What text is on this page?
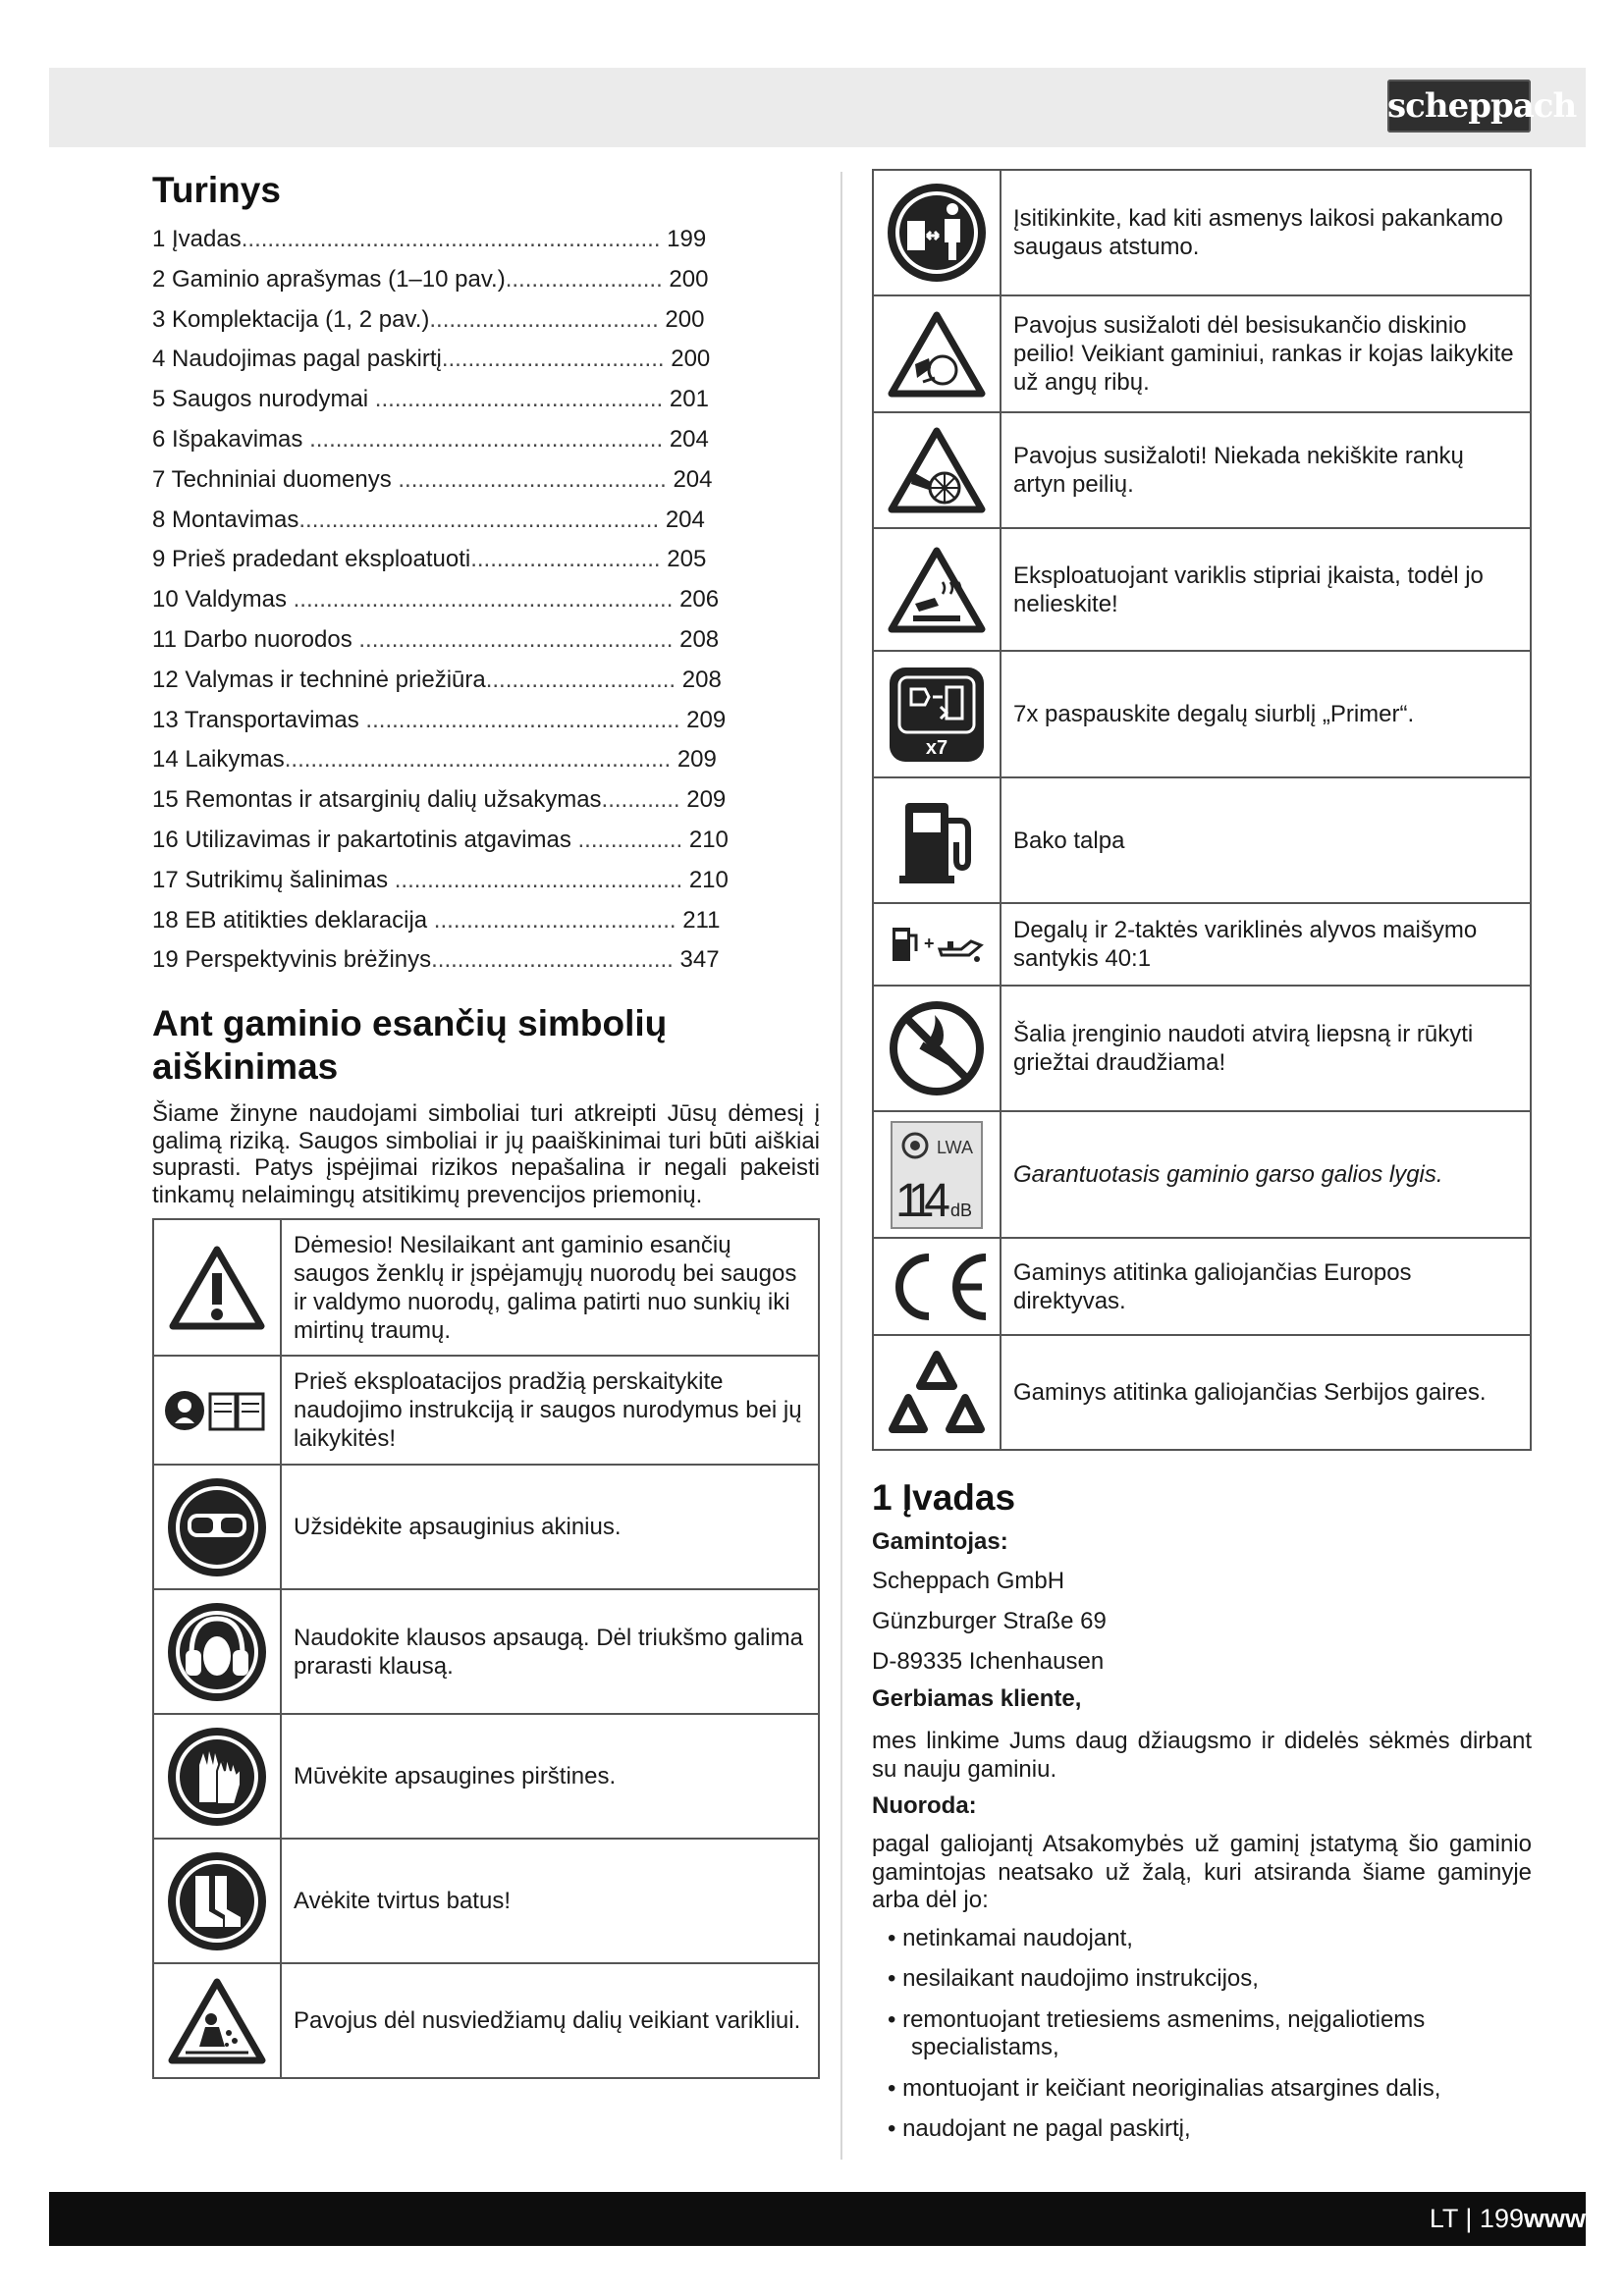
scheppach
Turinys
1 Įvadas................................................................ 199
2 Gaminio aprašymas (1–10 pav.)........................ 200
3 Komplektacija (1, 2 pav.)................................... 200
4 Naudojimas pagal paskirtį.................................. 200
5 Saugos nurodymai ............................................ 201
6 Išpakavimas ...................................................... 204
7 Techniniai duomenys ......................................... 204
8 Montavimas....................................................... 204
9 Prieš pradedant eksploatuoti............................. 205
10 Valdymas .......................................................... 206
11 Darbo nuorodos ................................................ 208
12 Valymas ir techninė priežiūra............................. 208
13 Transportavimas ................................................ 209
14 Laikymas........................................................... 209
15 Remontas ir atsarginių dalių užsakymas............ 209
16 Utilizavimas ir pakartotinis atgavimas ................ 210
17 Sutrikimų šalinimas ............................................ 210
18 EB atitikties deklaracija ..................................... 211
19 Perspektyvinis brėžinys..................................... 347
Ant gaminio esančių simbolių aiškinimas

Šiame žinyne naudojami simboliai turi atkreipti Jūsų dėmesį į galimą riziką. Saugos simboliai ir jų paaiškinimai turi būti aiškiai suprasti. Patys įspėjimai rizikos nepašalina ir negali pakeisti tinkamų nelaimingų atsitikimų prevencijos priemonių.

	Dėmesio! Nesilaikant ant gaminio esančių saugos ženklų ir įspėjamųjų nuorodų bei saugos ir valdymo nuorodų, galima patirti nuo sunkių iki mirtinų traumų.

	Prieš eksploatacijos pradžią perskaitykite naudojimo instrukciją ir saugos nurodymus bei jų laikykitės!

	Užsidėkite apsauginius akinius.

	Naudokite klausos apsaugą. Dėl triukšmo galima prarasti klausą.

	Mūvėkite apsaugines pirštines.

	Avėkite tvirtus batus!

	Pavojus dėl nusviedžiamų dalių veikiant varikliui.
	Įsitikinkite, kad kiti asmenys laikosi pakankamo saugaus atstumo.

	Pavojus susižaloti dėl besisukančio diskinio peilio! Veikiant gaminiui, rankas ir kojas laikykite už angų ribų.

	Pavojus susižaloti! Niekada nekiškite rankų artyn peilių.

	Eksploatuojant variklis stipriai įkaista, todėl jo nelieskite!

x7	7x paspauskite degalų siurblį „Primer“.

	Bako talpa

+	Degalų ir 2-taktės variklinės alyvos maišymo santykis 40:1

	Šalia įrenginio naudoti atvirą liepsną ir rūkyti griežtai draudžiama!

LWA
114 dB	Garantuotasis gaminio garso galios lygis.

	Gaminys atitinka galiojančias Europos direktyvas.

	Gaminys atitinka galiojančias Serbijos gaires.
1 Įvadas

Gamintojas:

Scheppach GmbH

Günzburger Straße 69

D-89335 Ichenhausen

Gerbiamas kliente,

mes linkime Jums daug džiaugsmo ir didelės sėkmės dirbant su nauju gaminiu.

Nuoroda:

pagal galiojantį Atsakomybės už gaminį įstatymą šio gaminio gamintojas neatsako už žalą, kuri atsiranda šiame gaminyje arba dėl jo:

• netinkamai naudojant,
• nesilaikant naudojimo instrukcijos,
• remontuojant tretiesiems asmenims, neįgaliotiems specialistams,
• montuojant ir keičiant neoriginalias atsargines dalis,
• naudojant ne pagal paskirtį,
LT | 199www
